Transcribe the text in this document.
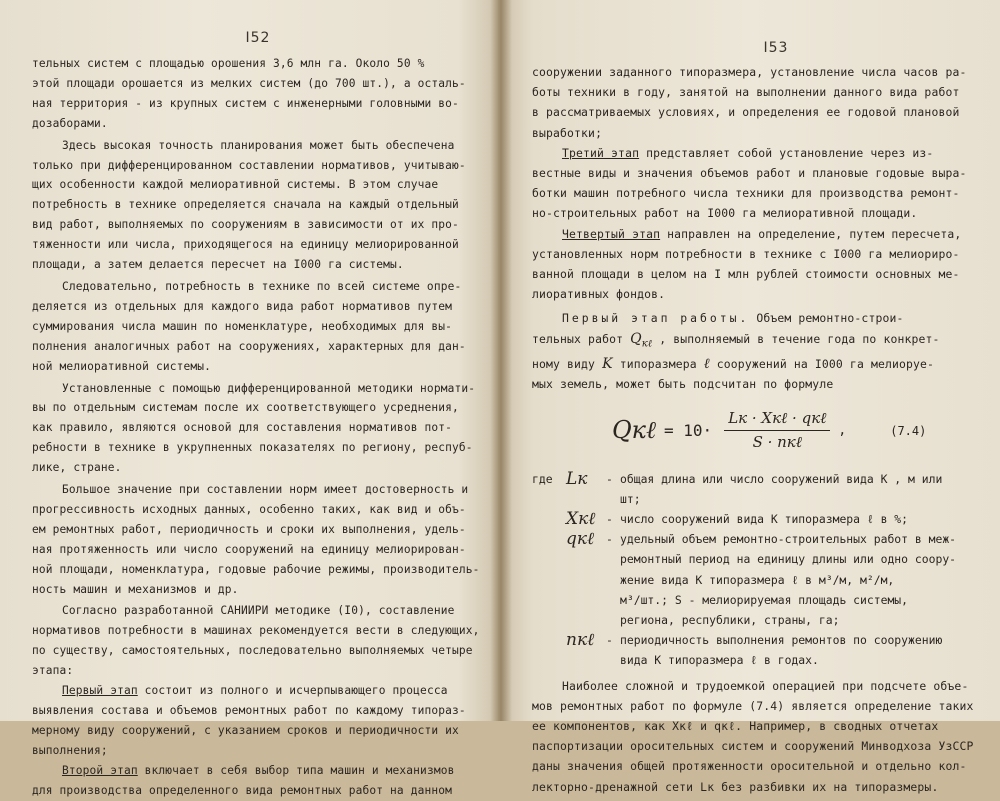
I52

тельных систем с площадью орошения 3,6 млн га. Около 50 %

этой площади орошается из мелких систем (до 700 шт.), а осталь-

ная территория - из крупных систем с инженерными головными во-

дозаборами.

Здесь высокая точность планирования может быть обеспечена

только при дифференцированном составлении нормативов, учитываю-

щих особенности каждой мелиоративной системы. В этом случае

потребность в технике определяется сначала на каждый отдельный

вид работ, выполняемых по сооружениям в зависимости от их про-

тяженности или числа, приходящегося на единицу мелиорированной

площади, а затем делается пересчет на I000 га системы.

Следовательно, потребность в технике по всей системе опре-

деляется из отдельных для каждого вида работ нормативов путем

суммирования числа машин по номенклатуре, необходимых для вы-

полнения аналогичных работ на сооружениях, характерных для дан-

ной мелиоративной системы.

Установленные с помощью дифференцированной методики нормати-

вы по отдельным системам после их соответствующего усреднения,

как правило, являются основой для составления нормативов пот-

ребности в технике в укрупненных показателях по региону, респуб-

лике, стране.

Большое значение при составлении норм имеет достоверность и

прогрессивность исходных данных, особенно таких, как вид и объ-

ем ремонтных работ, периодичность и сроки их выполнения, удель-

ная протяженность или число сооружений на единицу мелиорирован-

ной площади, номенклатура, годовые рабочие режимы, производитель-

ность машин и механизмов и др.

Согласно разработанной САНИИРИ методике (I0), составление

нормативов потребности в машинах рекомендуется вести в следующих,

по существу, самостоятельных, последовательно выполняемых четыре

этапа:

Первый этап состоит из полного и исчерпывающего процесса

выявления состава и объемов ремонтных работ по каждому типораз-

мерному виду сооружений, с указанием сроков и периодичности их

выполнения;

Второй этап включает в себя выбор типа машин и механизмов

для производства определенного вида ремонтных работ на данном

I53

сооружении заданного типоразмера, установление числа часов ра-

боты техники в году, занятой на выполнении данного вида работ

в рассматриваемых условиях, и определения ее годовой плановой

выработки;

Третий этап представляет собой установление через из-

вестные виды и значения объемов работ и плановые годовые выра-

ботки машин потребного числа техники для производства ремонт-

но-строительных работ на I000 га мелиоративной площади.

Четвертый этап направлен на определение, путем пересчета,

установленных норм потребности в технике с I000 га мелиориро-

ванной площади в целом на I млн рублей стоимости основных ме-

лиоративных фондов.

Первый этап работы. Объем ремонтно-строи-

тельных работ $Q_{к\ell}$ , выполняемый в течение года по конкрет-

ному виду K типоразмера ℓ сооружений на I000 га мелиоруе-

мых земель, может быть подсчитан по формуле

Qкℓ = $10\cdot \frac{\text{Lк · Xкℓ · qкℓ}}{\text{S · nкℓ}}$ ,	(7.4)
где Lк	- общая длина или число сооружений вида K , м или
шт;
Xкℓ - число сооружений вида K типоразмера ℓ в %;
qкℓ	- удельный объем ремонтно-строительных работ в меж-
ремонтный период на единицу длины или одно соору-
жение вида K типоразмера ℓ в м³/м, м²/м,
м³/шт.; S - мелиорируемая площадь системы,
региона, республики, страны, га;
nкℓ	- периодичность выполнения ремонтов по сооружению
вида K типоразмера ℓ в годах.

Наиболее сложной и трудоемкой операцией при подсчете объе-

мов ремонтных работ по формуле (7.4) является определение таких

ее компонентов, как Xкℓ и qкℓ. Например, в сводных отчетах

паспортизации оросительных систем и сооружений Минводхоза УзССР

даны значения общей протяженности оросительной и отдельно кол-

лекторно-дренажной сети Lк без разбивки их на типоразмеры.
